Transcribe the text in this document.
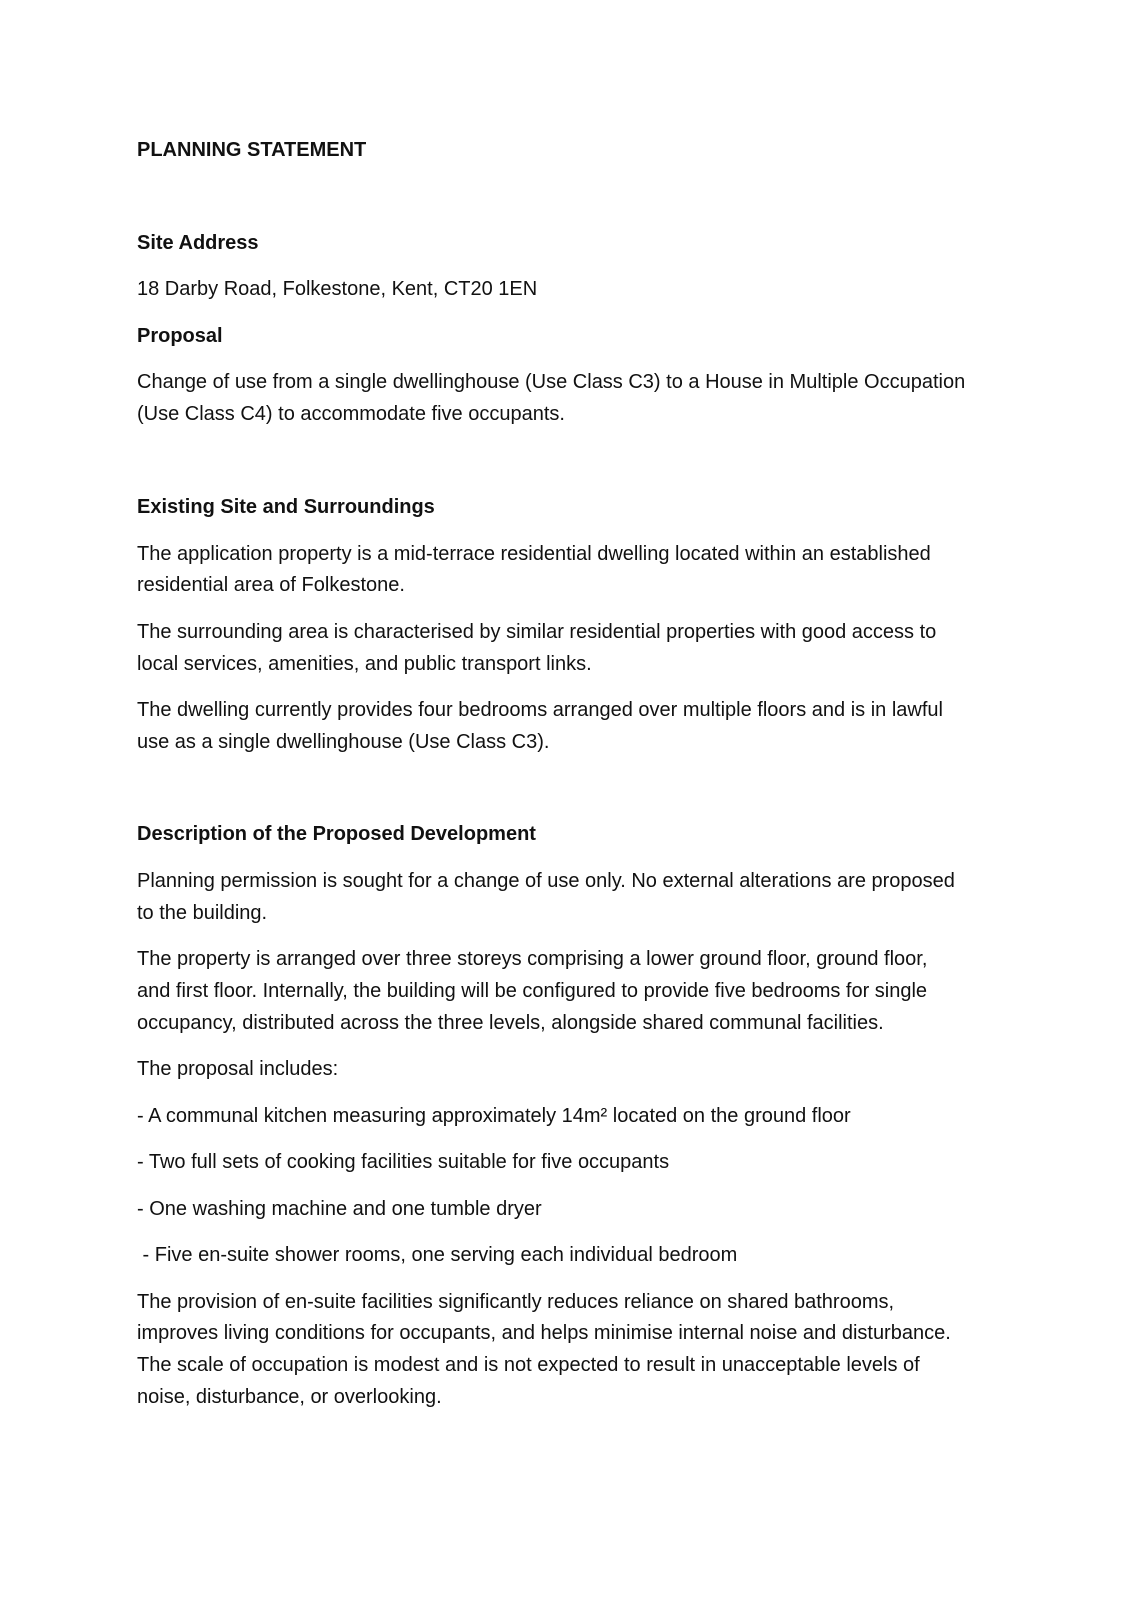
PLANNING STATEMENT
Site Address
18 Darby Road, Folkestone, Kent, CT20 1EN
Proposal
Change of use from a single dwellinghouse (Use Class C3) to a House in Multiple Occupation
(Use Class C4) to accommodate five occupants.
Existing Site and Surroundings
The application property is a mid-terrace residential dwelling located within an established
residential area of Folkestone.
The surrounding area is characterised by similar residential properties with good access to
local services, amenities, and public transport links.
The dwelling currently provides four bedrooms arranged over multiple floors and is in lawful
use as a single dwellinghouse (Use Class C3).
Description of the Proposed Development
Planning permission is sought for a change of use only. No external alterations are proposed
to the building.
The property is arranged over three storeys comprising a lower ground floor, ground floor,
and first floor. Internally, the building will be configured to provide five bedrooms for single
occupancy, distributed across the three levels, alongside shared communal facilities.
The proposal includes:
- A communal kitchen measuring approximately 14m² located on the ground floor
- Two full sets of cooking facilities suitable for five occupants
- One washing machine and one tumble dryer
- Five en-suite shower rooms, one serving each individual bedroom
The provision of en-suite facilities significantly reduces reliance on shared bathrooms,
improves living conditions for occupants, and helps minimise internal noise and disturbance.
The scale of occupation is modest and is not expected to result in unacceptable levels of
noise, disturbance, or overlooking.
